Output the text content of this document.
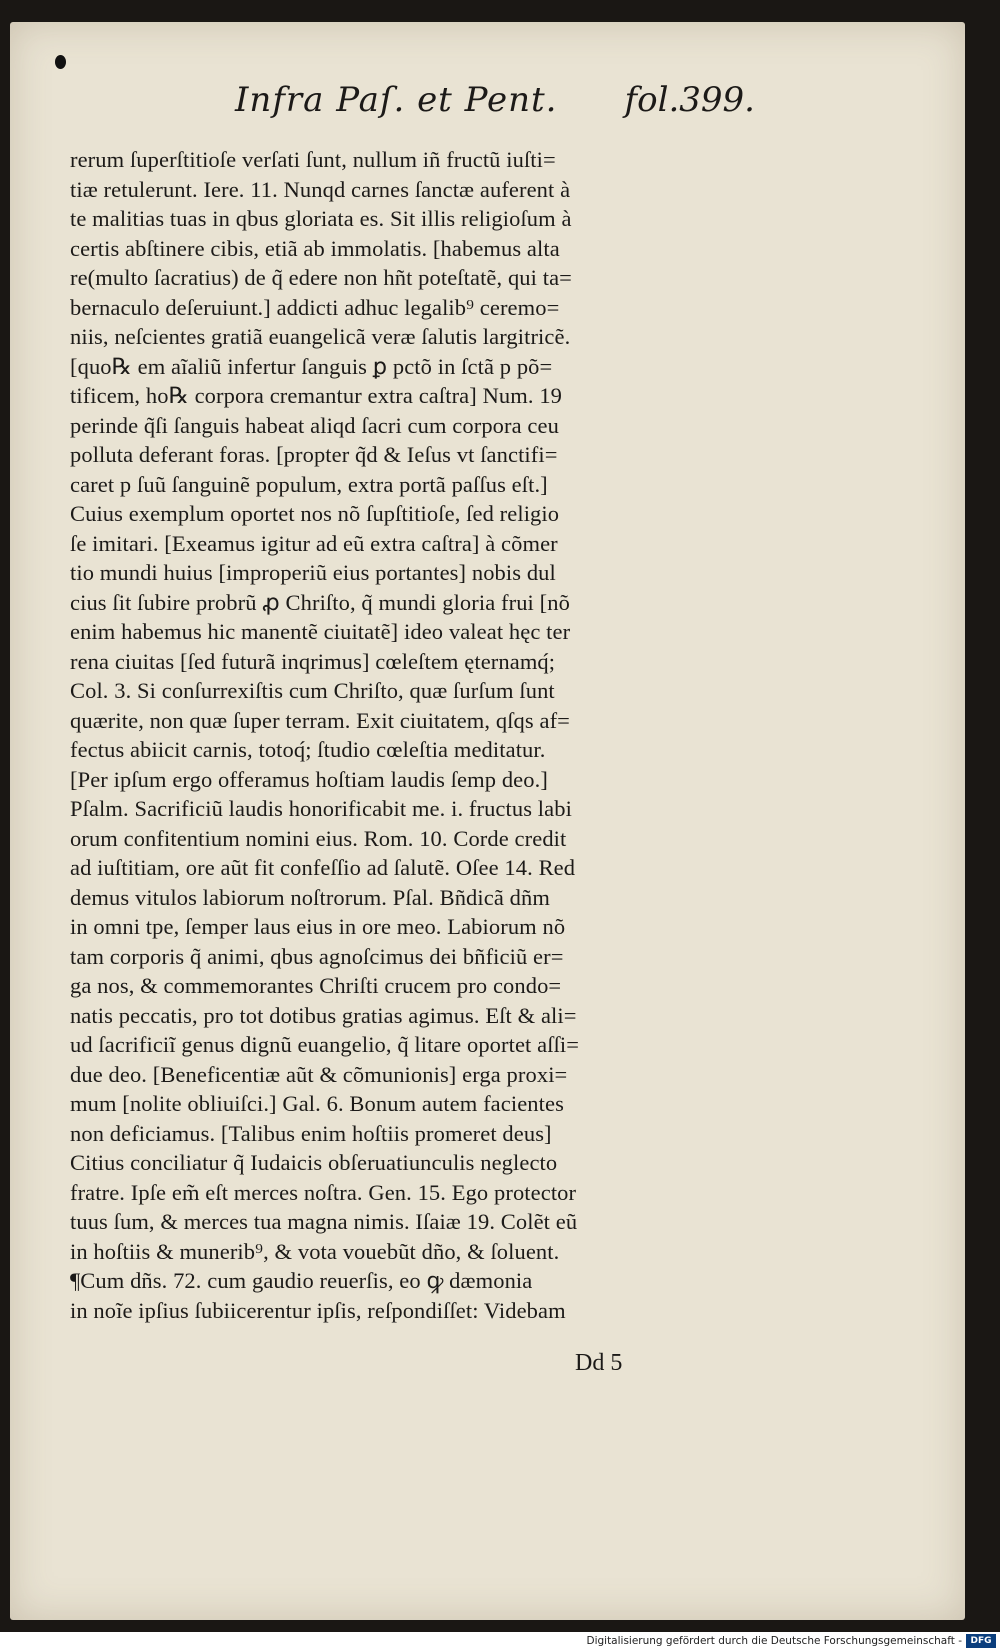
Infra Paſ. et Pent. fol.399.
rerum ſuperſtitioſe verſati ſunt, nullum iñ fructũ iuſti=
tiæ retulerunt. Iere. 11. Nunqd carnes ſanctæ auferent à
te malitias tuas in qbus gloriata es. Sit illis religioſum à
certis abſtinere cibis, etiã ab immolatis. [habemus alta
re(multo ſacratius) de q̃ edere non hñt poteſtatẽ, qui ta=
bernaculo deſeruiunt.] addicti adhuc legalib⁹ ceremo=
niis, neſcientes gratiã euangelicã veræ ſalutis largitricẽ.
[quo℞ em aĩaliũ infertur ſanguis ꝑ pctõ in ſctã p põ=
tificem, ho℞ corpora cremantur extra caſtra] Num. 19
perinde q̃ſi ſanguis habeat aliqd ſacri cum corpora ceu
polluta deferant foras. [propter q̃d & Ieſus vt ſanctifi=
caret p ſuũ ſanguinẽ populum, extra portã paſſus eſt.]
Cuius exemplum oportet nos nõ ſupſtitioſe, ſed religio
ſe imitari. [Exeamus igitur ad eũ extra caſtra] à cõmer
tio mundi huius [improperiũ eius portantes] nobis dul
cius ſit ſubire probrũ ꝓ Chriſto, q̃ mundi gloria frui [nõ
enim habemus hic manentẽ ciuitatẽ] ideo valeat hęc ter
rena ciuitas [ſed futurã inqrimus] cœleſtem ęternamq́;
Col. 3. Si conſurrexiſtis cum Chriſto, quæ ſurſum ſunt
quærite, non quæ ſuper terram. Exit ciuitatem, qſqs af=
fectus abiicit carnis, totoq́; ſtudio cœleſtia meditatur.
[Per ipſum ergo offeramus hoſtiam laudis ſemp deo.]
Pſalm. Sacrificiũ laudis honorificabit me. i. fructus labi
orum confitentium nomini eius. Rom. 10. Corde credit
ad iuſtitiam, ore aũt fit confeſſio ad ſalutẽ. Oſee 14. Red
demus vitulos labiorum noſtrorum. Pſal. Bñdicã dñm
in omni tpe, ſemper laus eius in ore meo. Labiorum nõ
tam corporis q̃ animi, qbus agnoſcimus dei bñficiũ er=
ga nos, & commemorantes Chriſti crucem pro condo=
natis peccatis, pro tot dotibus gratias agimus. Eſt & ali=
ud ſacrificiĩ genus dignũ euangelio, q̃ litare oportet aſſi=
due deo. [Beneficentiæ aũt & cõmunionis] erga proxi=
mum [nolite obliuiſci.] Gal. 6. Bonum autem facientes
non deficiamus. [Talibus enim hoſtiis promeret deus]
Citius conciliatur q̃ Iudaicis obſeruatiunculis neglecto
fratre. Ipſe em̃ eſt merces noſtra. Gen. 15. Ego protector
tuus ſum, & merces tua magna nimis. Iſaiæ 19. Colẽt eũ
in hoſtiis & munerib⁹, & vota vouebũt dño, & ſoluent.
¶Cum dñs. 72. cum gaudio reuerſis, eo ꝙ dæmonia
in noĩe ipſius ſubiicerentur ipſis, reſpondiſſet: Videbam
Dd 5
Digitalisierung gefördert durch die Deutsche Forschungsgemeinschaft - DFG
